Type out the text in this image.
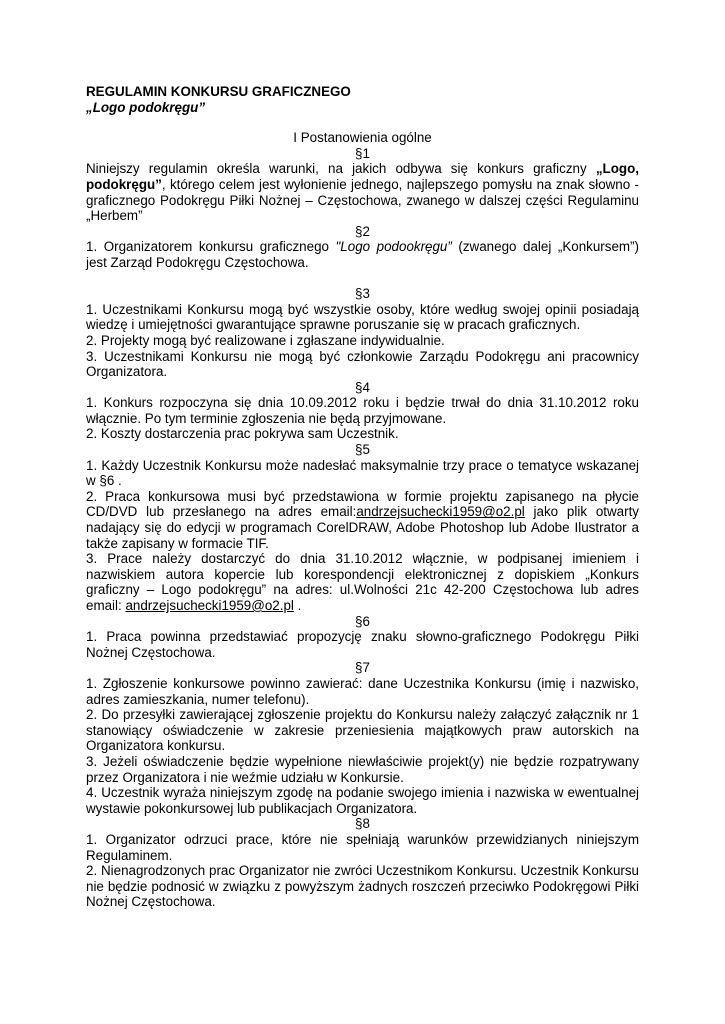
REGULAMIN KONKURSU GRAFICZNEGO
„Logo podokręgu”
I Postanowienia ogólne
§1

Niniejszy regulamin określa warunki, na jakich odbywa się konkurs graficzny „Logo, podokręgu”, którego celem jest wyłonienie jednego, najlepszego pomysłu na znak słowno - graficznego Podokręgu Piłki Nożnej – Częstochowa, zwanego w dalszej części Regulaminu „Herbem”

§2

1. Organizatorem konkursu graficznego "Logo podookręgu” (zwanego dalej „Konkursem”) jest Zarząd Podokręgu Częstochowa.

§3

1. Uczestnikami Konkursu mogą być wszystkie osoby, które według swojej opinii posiadają wiedzę i umiejętności gwarantujące sprawne poruszanie się w pracach graficznych.

2. Projekty mogą być realizowane i zgłaszane indywidualnie.

3. Uczestnikami Konkursu nie mogą być członkowie Zarządu Podokręgu ani pracownicy Organizatora.

§4

1. Konkurs rozpoczyna się dnia 10.09.2012 roku i będzie trwał do dnia 31.10.2012 roku włącznie. Po tym terminie zgłoszenia nie będą przyjmowane.

2. Koszty dostarczenia prac pokrywa sam Uczestnik.

§5

1. Każdy Uczestnik Konkursu może nadesłać maksymalnie trzy prace o tematyce wskazanej w §6 .

2. Praca konkursowa musi być przedstawiona w formie projektu zapisanego na płycie CD/DVD lub przesłanego na adres email:andrzejsuchecki1959@o2.pl jako plik otwarty nadający się do edycji w programach CorelDRAW, Adobe Photoshop lub Adobe Ilustrator a także zapisany w formacie TIF.

3. Prace należy dostarczyć do dnia 31.10.2012 włącznie, w podpisanej imieniem i nazwiskiem autora kopercie lub korespondencji elektronicznej z dopiskiem „Konkurs graficzny – Logo podokręgu” na adres: ul.Wolności 21c 42-200 Częstochowa lub adres email: andrzejsuchecki1959@o2.pl .

§6

1. Praca powinna przedstawiać propozycję znaku słowno-graficznego Podokręgu Piłki Nożnej Częstochowa.

§7

1. Zgłoszenie konkursowe powinno zawierać: dane Uczestnika Konkursu (imię i nazwisko, adres zamieszkania, numer telefonu).

2. Do przesyłki zawierającej zgłoszenie projektu do Konkursu należy załączyć załącznik nr 1 stanowiący oświadczenie w zakresie przeniesienia majątkowych praw autorskich na Organizatora konkursu.

3. Jeżeli oświadczenie będzie wypełnione niewłaściwie projekt(y) nie będzie rozpatrywany przez Organizatora i nie weźmie udziału w Konkursie.

4. Uczestnik wyraża niniejszym zgodę na podanie swojego imienia i nazwiska w ewentualnej wystawie pokonkursowej lub publikacjach Organizatora.

§8

1. Organizator odrzuci prace, które nie spełniają warunków przewidzianych niniejszym Regulaminem.

2. Nienagrodzonych prac Organizator nie zwróci Uczestnikom Konkursu. Uczestnik Konkursu nie będzie podnosić w związku z powyższym żadnych roszczeń przeciwko Podokręgowi Piłki Nożnej Częstochowa.
